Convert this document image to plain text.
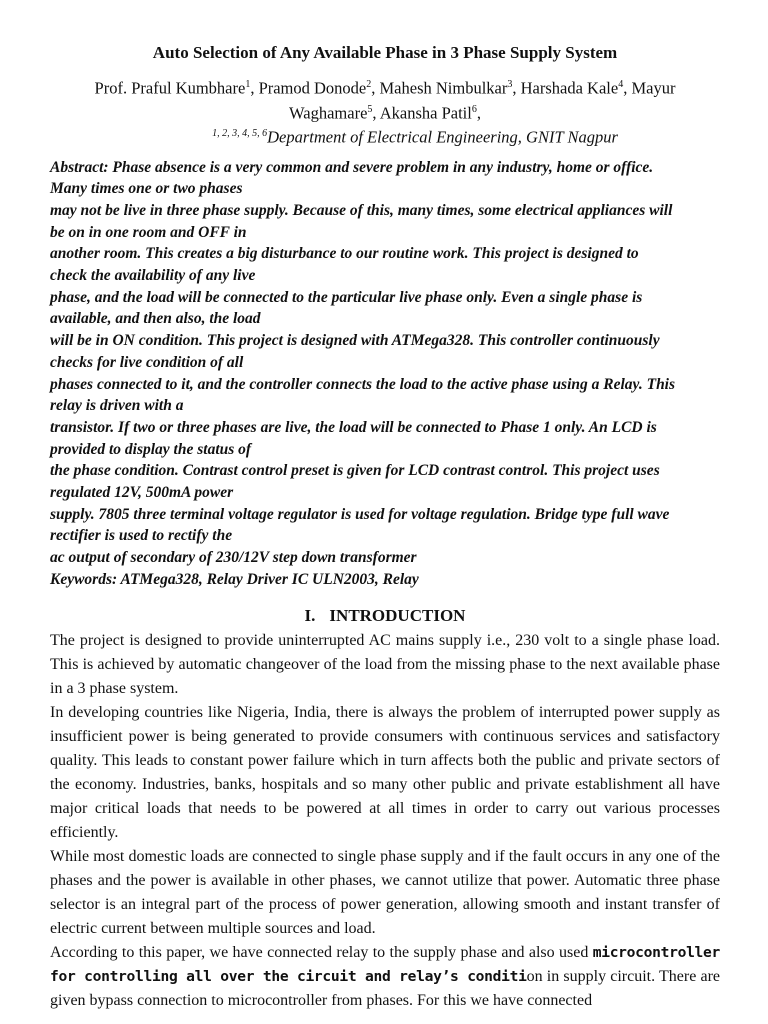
Auto Selection of Any Available Phase in 3 Phase Supply System
Prof. Praful Kumbhare$^1$, Pramod Donode$^2$, Mahesh Nimbulkar$^3$, Harshada Kale$^4$, Mayur Waghamare$^5$, Akansha Patil$^6$,
$^{1, 2, 3, 4, 5, 6}$Department of Electrical Engineering, GNIT Nagpur
Abstract: Phase absence is a very common and severe problem in any industry, home or office.
Many times one or two phases
may not be live in three phase supply. Because of this, many times, some electrical appliances will
be on in one room and OFF in
another room. This creates a big disturbance to our routine work. This project is designed to
check the availability of any live
phase, and the load will be connected to the particular live phase only. Even a single phase is
available, and then also, the load
will be in ON condition. This project is designed with ATMega328. This controller continuously
checks for live condition of all
phases connected to it, and the controller connects the load to the active phase using a Relay. This
relay is driven with a
transistor. If two or three phases are live, the load will be connected to Phase 1 only. An LCD is
provided to display the status of
the phase condition. Contrast control preset is given for LCD contrast control. This project uses
regulated 12V, 500mA power
supply. 7805 three terminal voltage regulator is used for voltage regulation. Bridge type full wave
rectifier is used to rectify the
ac output of secondary of 230/12V step down transformer
Keywords: ATMega328, Relay Driver IC ULN2003, Relay
I. INTRODUCTION

The project is designed to provide uninterrupted AC mains supply i.e., 230 volt to a single phase load. This is achieved by automatic changeover of the load from the missing phase to the next available phase in a 3 phase system.

In developing countries like Nigeria, India, there is always the problem of interrupted power supply as insufficient power is being generated to provide consumers with continuous services and satisfactory quality. This leads to constant power failure which in turn affects both the public and private sectors of the economy. Industries, banks, hospitals and so many other public and private establishment all have major critical loads that needs to be powered at all times in order to carry out various processes efficiently.

While most domestic loads are connected to single phase supply and if the fault occurs in any one of the phases and the power is available in other phases, we cannot utilize that power. Automatic three phase selector is an integral part of the process of power generation, allowing smooth and instant transfer of electric current between multiple sources and load.

According to this paper, we have connected relay to the supply phase and also used microcontroller for controlling all over the circuit and relay’s condition in supply circuit. There are given bypass connection to microcontroller from phases. For this we have connected
